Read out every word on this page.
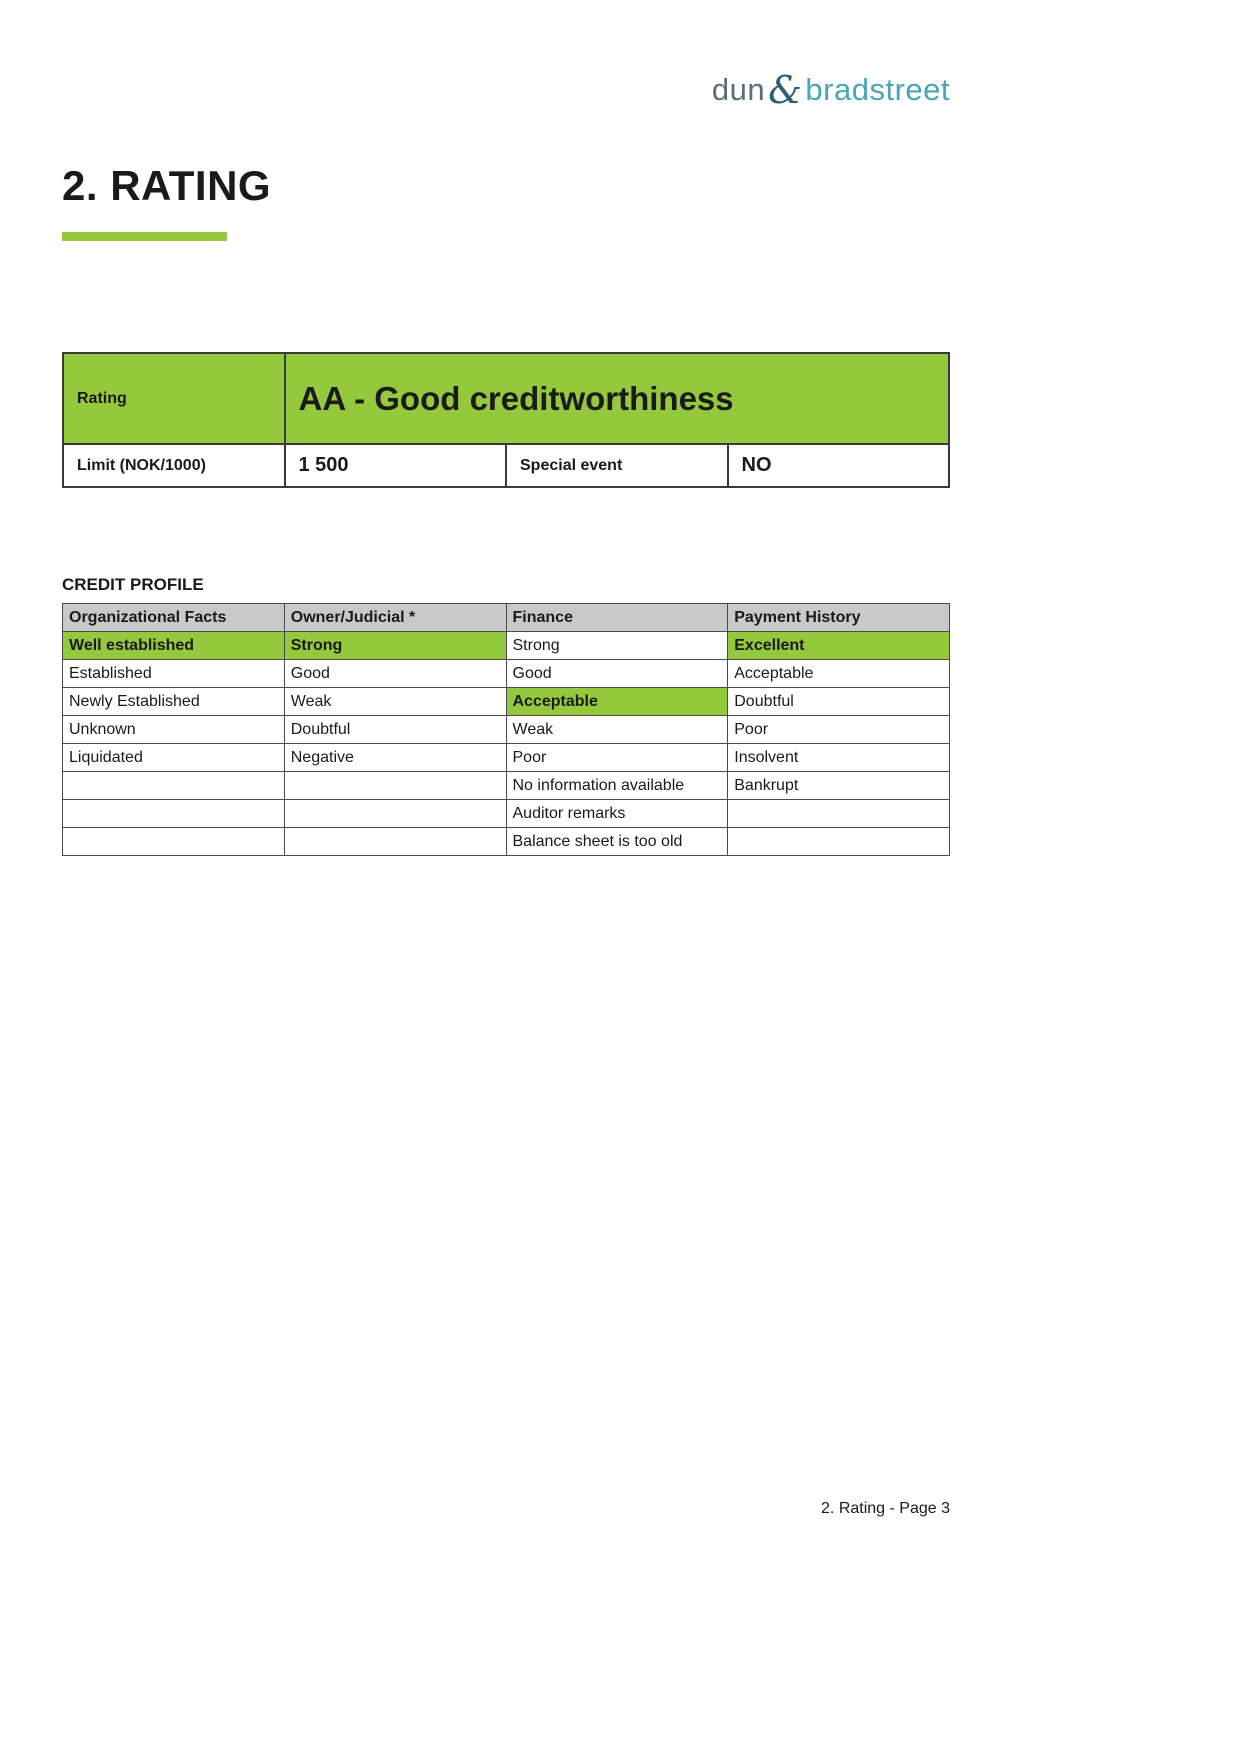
dun&bradstreet
2. RATING
Rating	AA - Good creditworthiness		
Limit (NOK/1000)	1 500	Special event	NO
CREDIT PROFILE
Organizational Facts	Owner/Judicial *	Finance	Payment History
Well established	Strong	Strong	Excellent
Established	Good	Good	Acceptable
Newly Established	Weak	Acceptable	Doubtful
Unknown	Doubtful	Weak	Poor
Liquidated	Negative	Poor	Insolvent
		No information available	Bankrupt
		Auditor remarks	
		Balance sheet is too old	
2. Rating - Page 3
